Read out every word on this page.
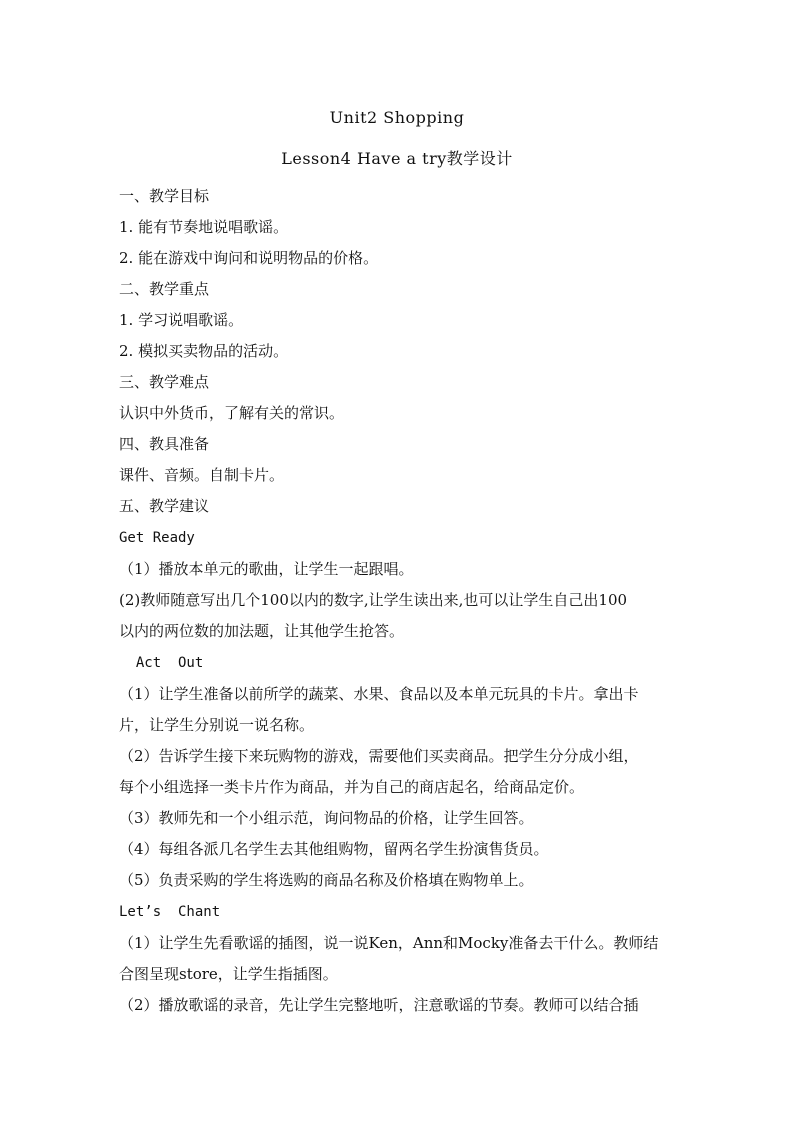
Unit2 Shopping
Lesson4 Have a try教学设计
一、教学目标
1. 能有节奏地说唱歌谣。
2. 能在游戏中询问和说明物品的价格。
二、教学重点
1. 学习说唱歌谣。
2. 模拟买卖物品的活动。
三、教学难点
认识中外货币，了解有关的常识。
四、教具准备
课件、音频。自制卡片。
五、教学建议
Get Ready
（1）播放本单元的歌曲，让学生一起跟唱。
(2)教师随意写出几个100以内的数字,让学生读出来,也可以让学生自己出100
以内的两位数的加法题，让其他学生抢答。
Act  Out
（1）让学生准备以前所学的蔬菜、水果、食品以及本单元玩具的卡片。拿出卡
片，让学生分别说一说名称。
（2）告诉学生接下来玩购物的游戏，需要他们买卖商品。把学生分分成小组，
每个小组选择一类卡片作为商品，并为自己的商店起名，给商品定价。
（3）教师先和一个小组示范，询问物品的价格，让学生回答。
（4）每组各派几名学生去其他组购物，留两名学生扮演售货员。
（5）负责采购的学生将选购的商品名称及价格填在购物单上。
Let’s  Chant
（1）让学生先看歌谣的插图，说一说Ken，Ann和Mocky准备去干什么。教师结
合图呈现store，让学生指插图。
（2）播放歌谣的录音，先让学生完整地听，注意歌谣的节奏。教师可以结合插
